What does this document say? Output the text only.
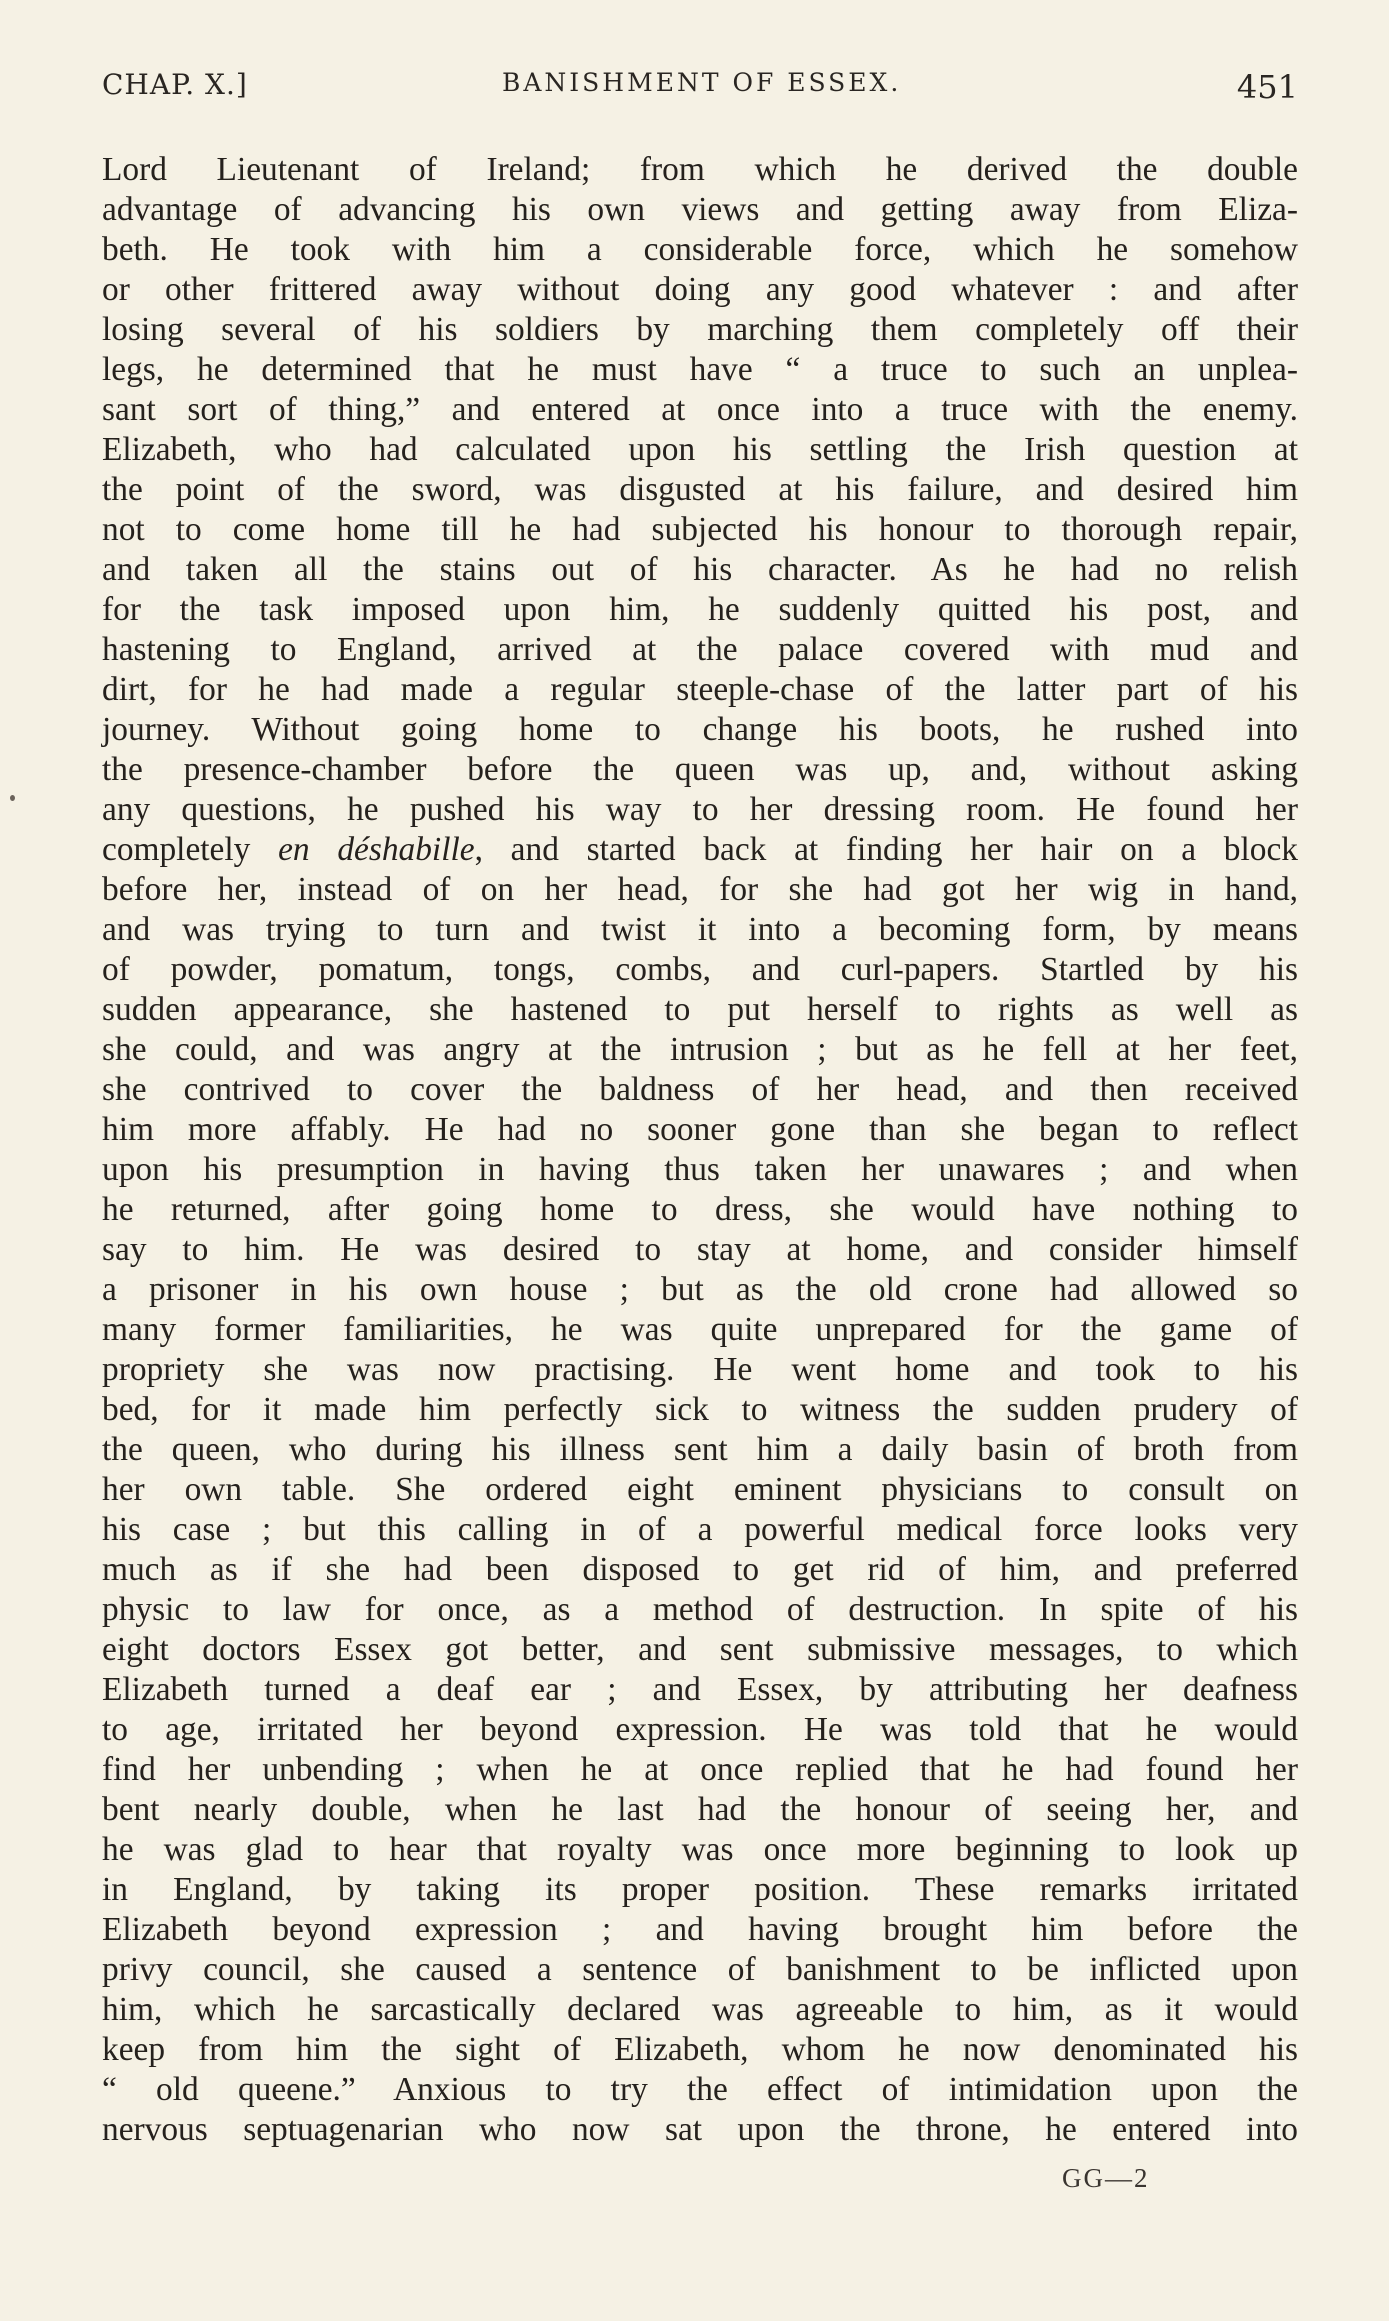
CHAP. X.]	BANISHMENT OF ESSEX.	451
Lord Lieutenant of Ireland; from which he derived the double
advantage of advancing his own views and getting away from Eliza-
beth. He took with him a considerable force, which he somehow
or other frittered away without doing any good whatever : and after
losing several of his soldiers by marching them completely off their
legs, he determined that he must have “ a truce to such an unplea-
sant sort of thing,” and entered at once into a truce with the enemy.
Elizabeth, who had calculated upon his settling the Irish question at
the point of the sword, was disgusted at his failure, and desired him
not to come home till he had subjected his honour to thorough repair,
and taken all the stains out of his character. As he had no relish
for the task imposed upon him, he suddenly quitted his post, and
hastening to England, arrived at the palace covered with mud and
dirt, for he had made a regular steeple-chase of the latter part of his
journey. Without going home to change his boots, he rushed into
the presence-chamber before the queen was up, and, without asking
any questions, he pushed his way to her dressing room. He found her
completely en déshabille, and started back at finding her hair on a block
before her, instead of on her head, for she had got her wig in hand,
and was trying to turn and twist it into a becoming form, by means
of powder, pomatum, tongs, combs, and curl-papers. Startled by his
sudden appearance, she hastened to put herself to rights as well as
she could, and was angry at the intrusion ; but as he fell at her feet,
she contrived to cover the baldness of her head, and then received
him more affably. He had no sooner gone than she began to reflect
upon his presumption in having thus taken her unawares ; and when
he returned, after going home to dress, she would have nothing to
say to him. He was desired to stay at home, and consider himself
a prisoner in his own house ; but as the old crone had allowed so
many former familiarities, he was quite unprepared for the game of
propriety she was now practising. He went home and took to his
bed, for it made him perfectly sick to witness the sudden prudery of
the queen, who during his illness sent him a daily basin of broth from
her own table. She ordered eight eminent physicians to consult on
his case ; but this calling in of a powerful medical force looks very
much as if she had been disposed to get rid of him, and preferred
physic to law for once, as a method of destruction. In spite of his
eight doctors Essex got better, and sent submissive messages, to which
Elizabeth turned a deaf ear ; and Essex, by attributing her deafness
to age, irritated her beyond expression. He was told that he would
find her unbending ; when he at once replied that he had found her
bent nearly double, when he last had the honour of seeing her, and
he was glad to hear that royalty was once more beginning to look up
in England, by taking its proper position. These remarks irritated
Elizabeth beyond expression ; and having brought him before the
privy council, she caused a sentence of banishment to be inflicted upon
him, which he sarcastically declared was agreeable to him, as it would
keep from him the sight of Elizabeth, whom he now denominated his
“ old queene.” Anxious to try the effect of intimidation upon the
nervous septuagenarian who now sat upon the throne, he entered into
GG—2
